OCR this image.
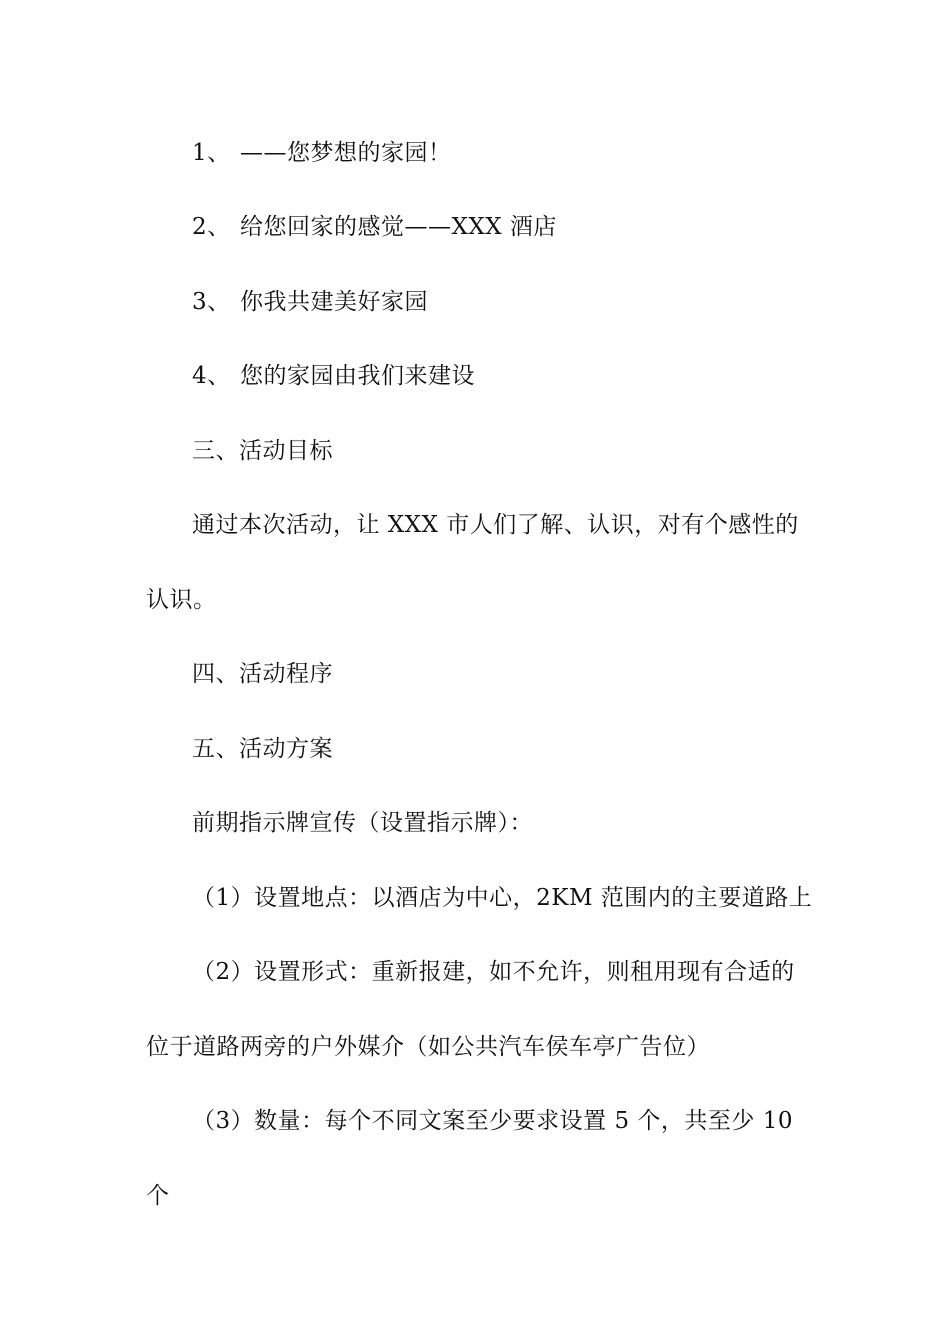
1、 ——您梦想的家园！
2、 给您回家的感觉——XXX 酒店
3、 你我共建美好家园
4、 您的家园由我们来建设
三、活动目标
通过本次活动，让 XXX 市人们了解、认识，对有个感性的
认识。
四、活动程序
五、活动方案
前期指示牌宣传（设置指示牌）：
（1）设置地点：以酒店为中心，2KM 范围内的主要道路上
（2）设置形式：重新报建，如不允许，则租用现有合适的
位于道路两旁的户外媒介（如公共汽车侯车亭广告位）
（3）数量：每个不同文案至少要求设置 5 个，共至少 10
个
